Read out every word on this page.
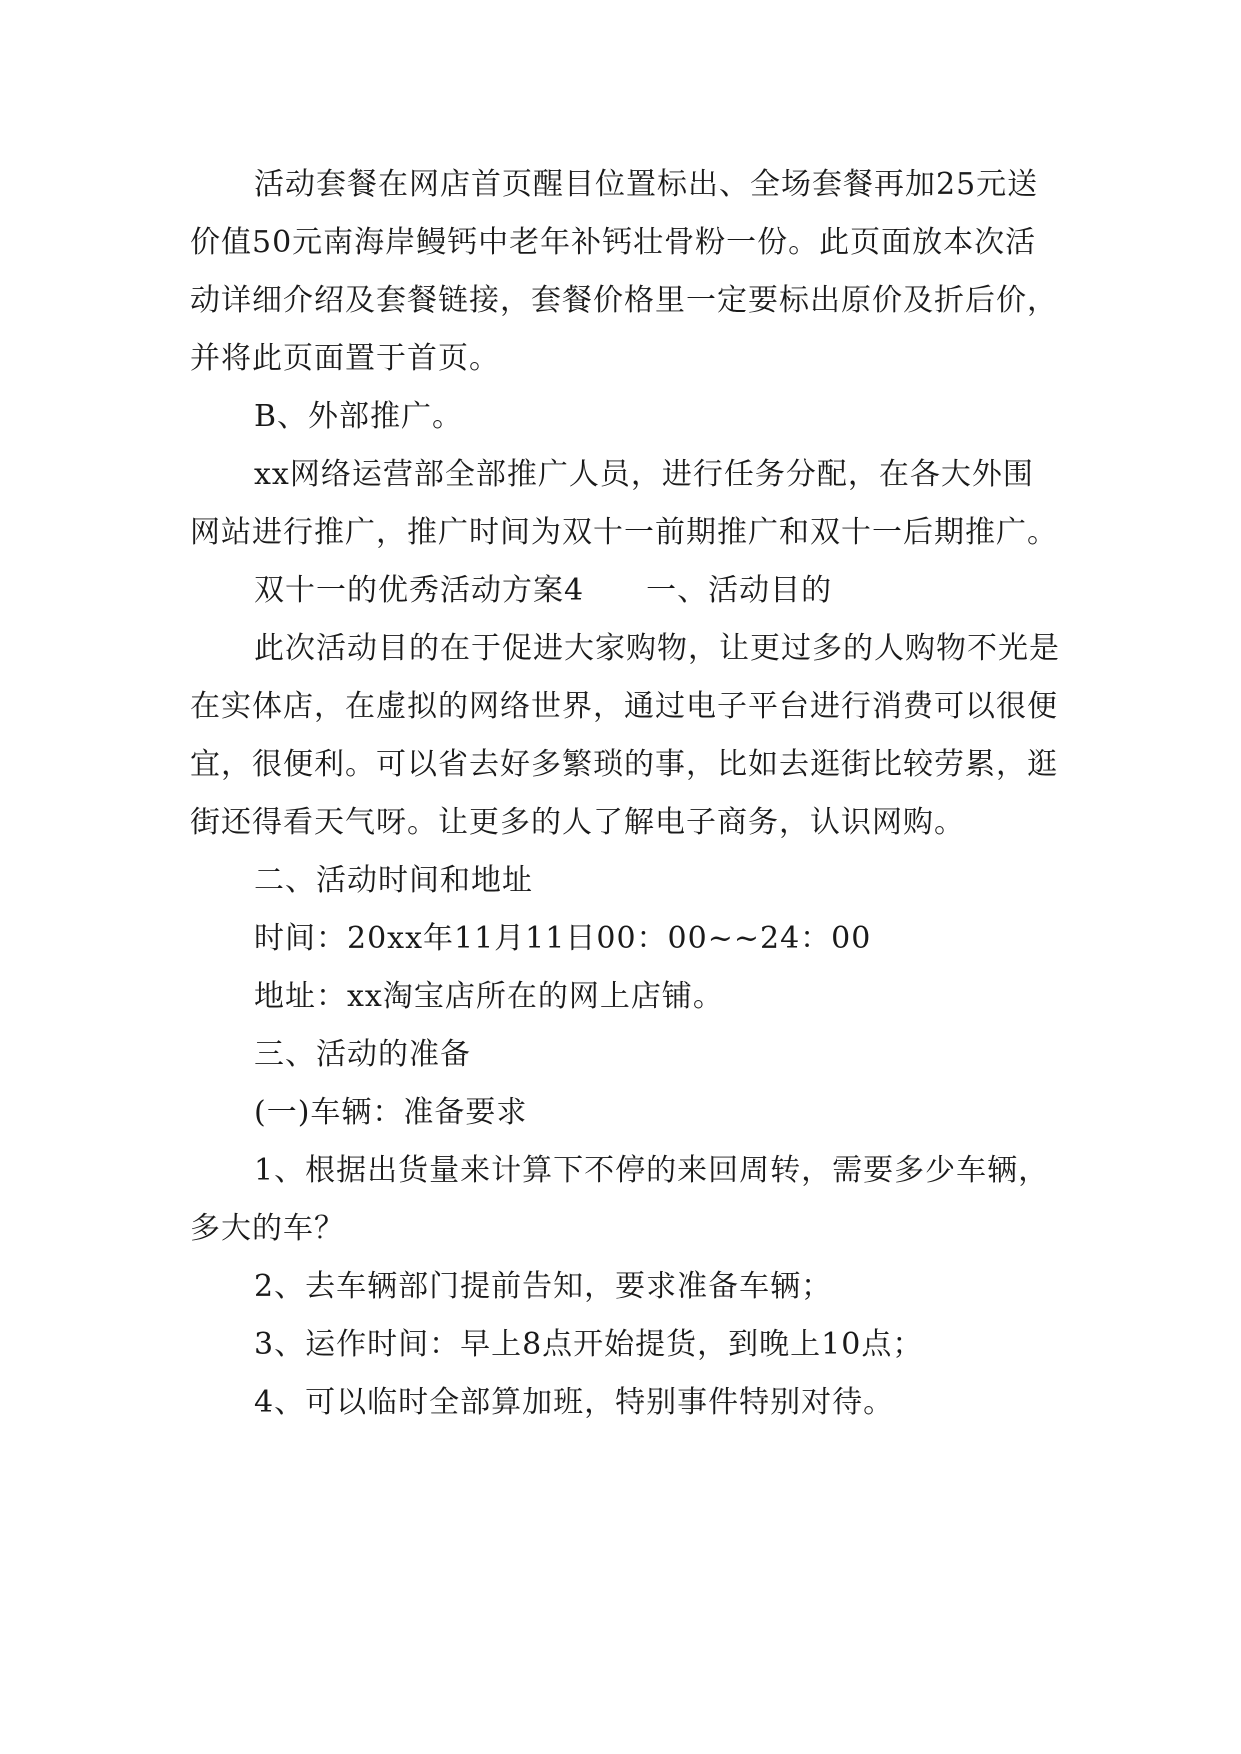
活动套餐在网店首页醒目位置标出、全场套餐再加25元送价值50元南海岸鳗钙中老年补钙壮骨粉一份。此页面放本次活动详细介绍及套餐链接，套餐价格里一定要标出原价及折后价，并将此页面置于首页。

B、外部推广。

xx网络运营部全部推广人员，进行任务分配，在各大外围网站进行推广，推广时间为双十一前期推广和双十一后期推广。

双十一的优秀活动方案4　　一、活动目的

此次活动目的在于促进大家购物，让更过多的人购物不光是在实体店，在虚拟的网络世界，通过电子平台进行消费可以很便宜，很便利。可以省去好多繁琐的事，比如去逛街比较劳累，逛街还得看天气呀。让更多的人了解电子商务，认识网购。

二、活动时间和地址

时间：20xx年11月11日00：00~~24：00

地址：xx淘宝店所在的网上店铺。

三、活动的准备

(一)车辆：准备要求

1、根据出货量来计算下不停的来回周转，需要多少车辆，多大的车？

2、去车辆部门提前告知，要求准备车辆；

3、运作时间：早上8点开始提货，到晚上10点；

4、可以临时全部算加班，特别事件特别对待。
